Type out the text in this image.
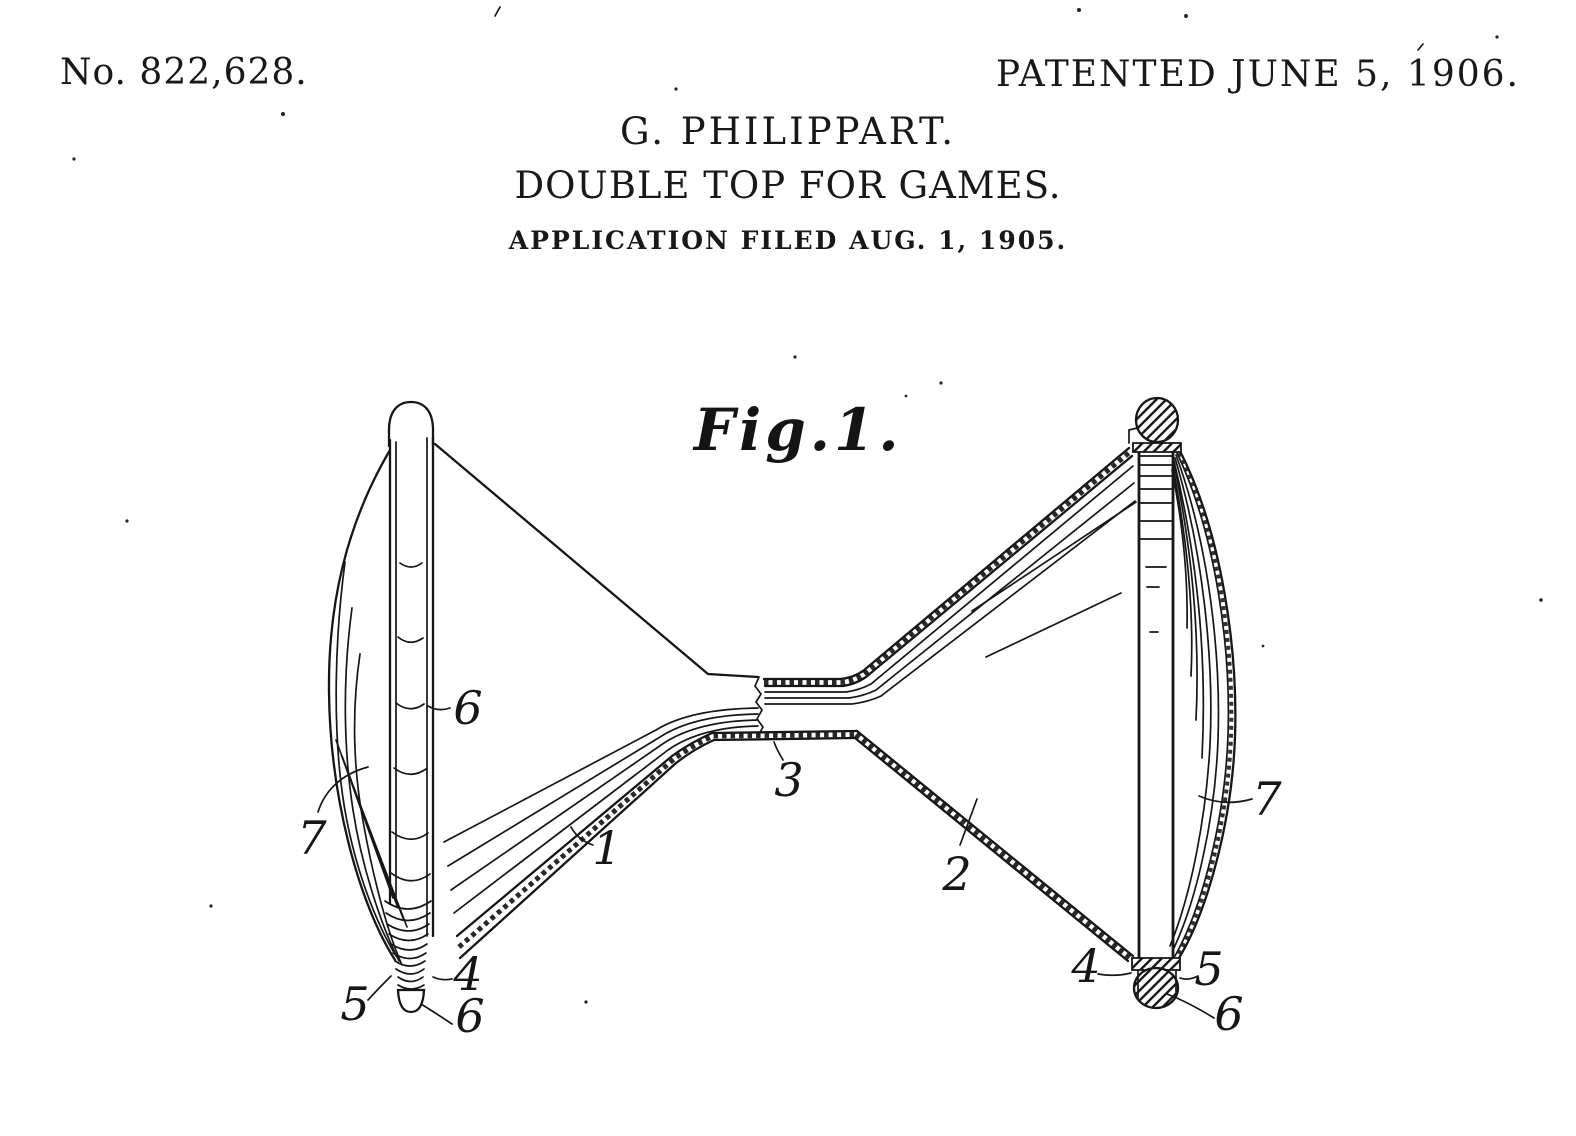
No. 822,628.	PATENTED JUNE 5, 1906.
G. PHILIPPART.
DOUBLE TOP FOR GAMES.
APPLICATION FILED AUG. 1, 1905.
Fig.1.
6
7	1
5
4
6
3
2
4 5
6
7
